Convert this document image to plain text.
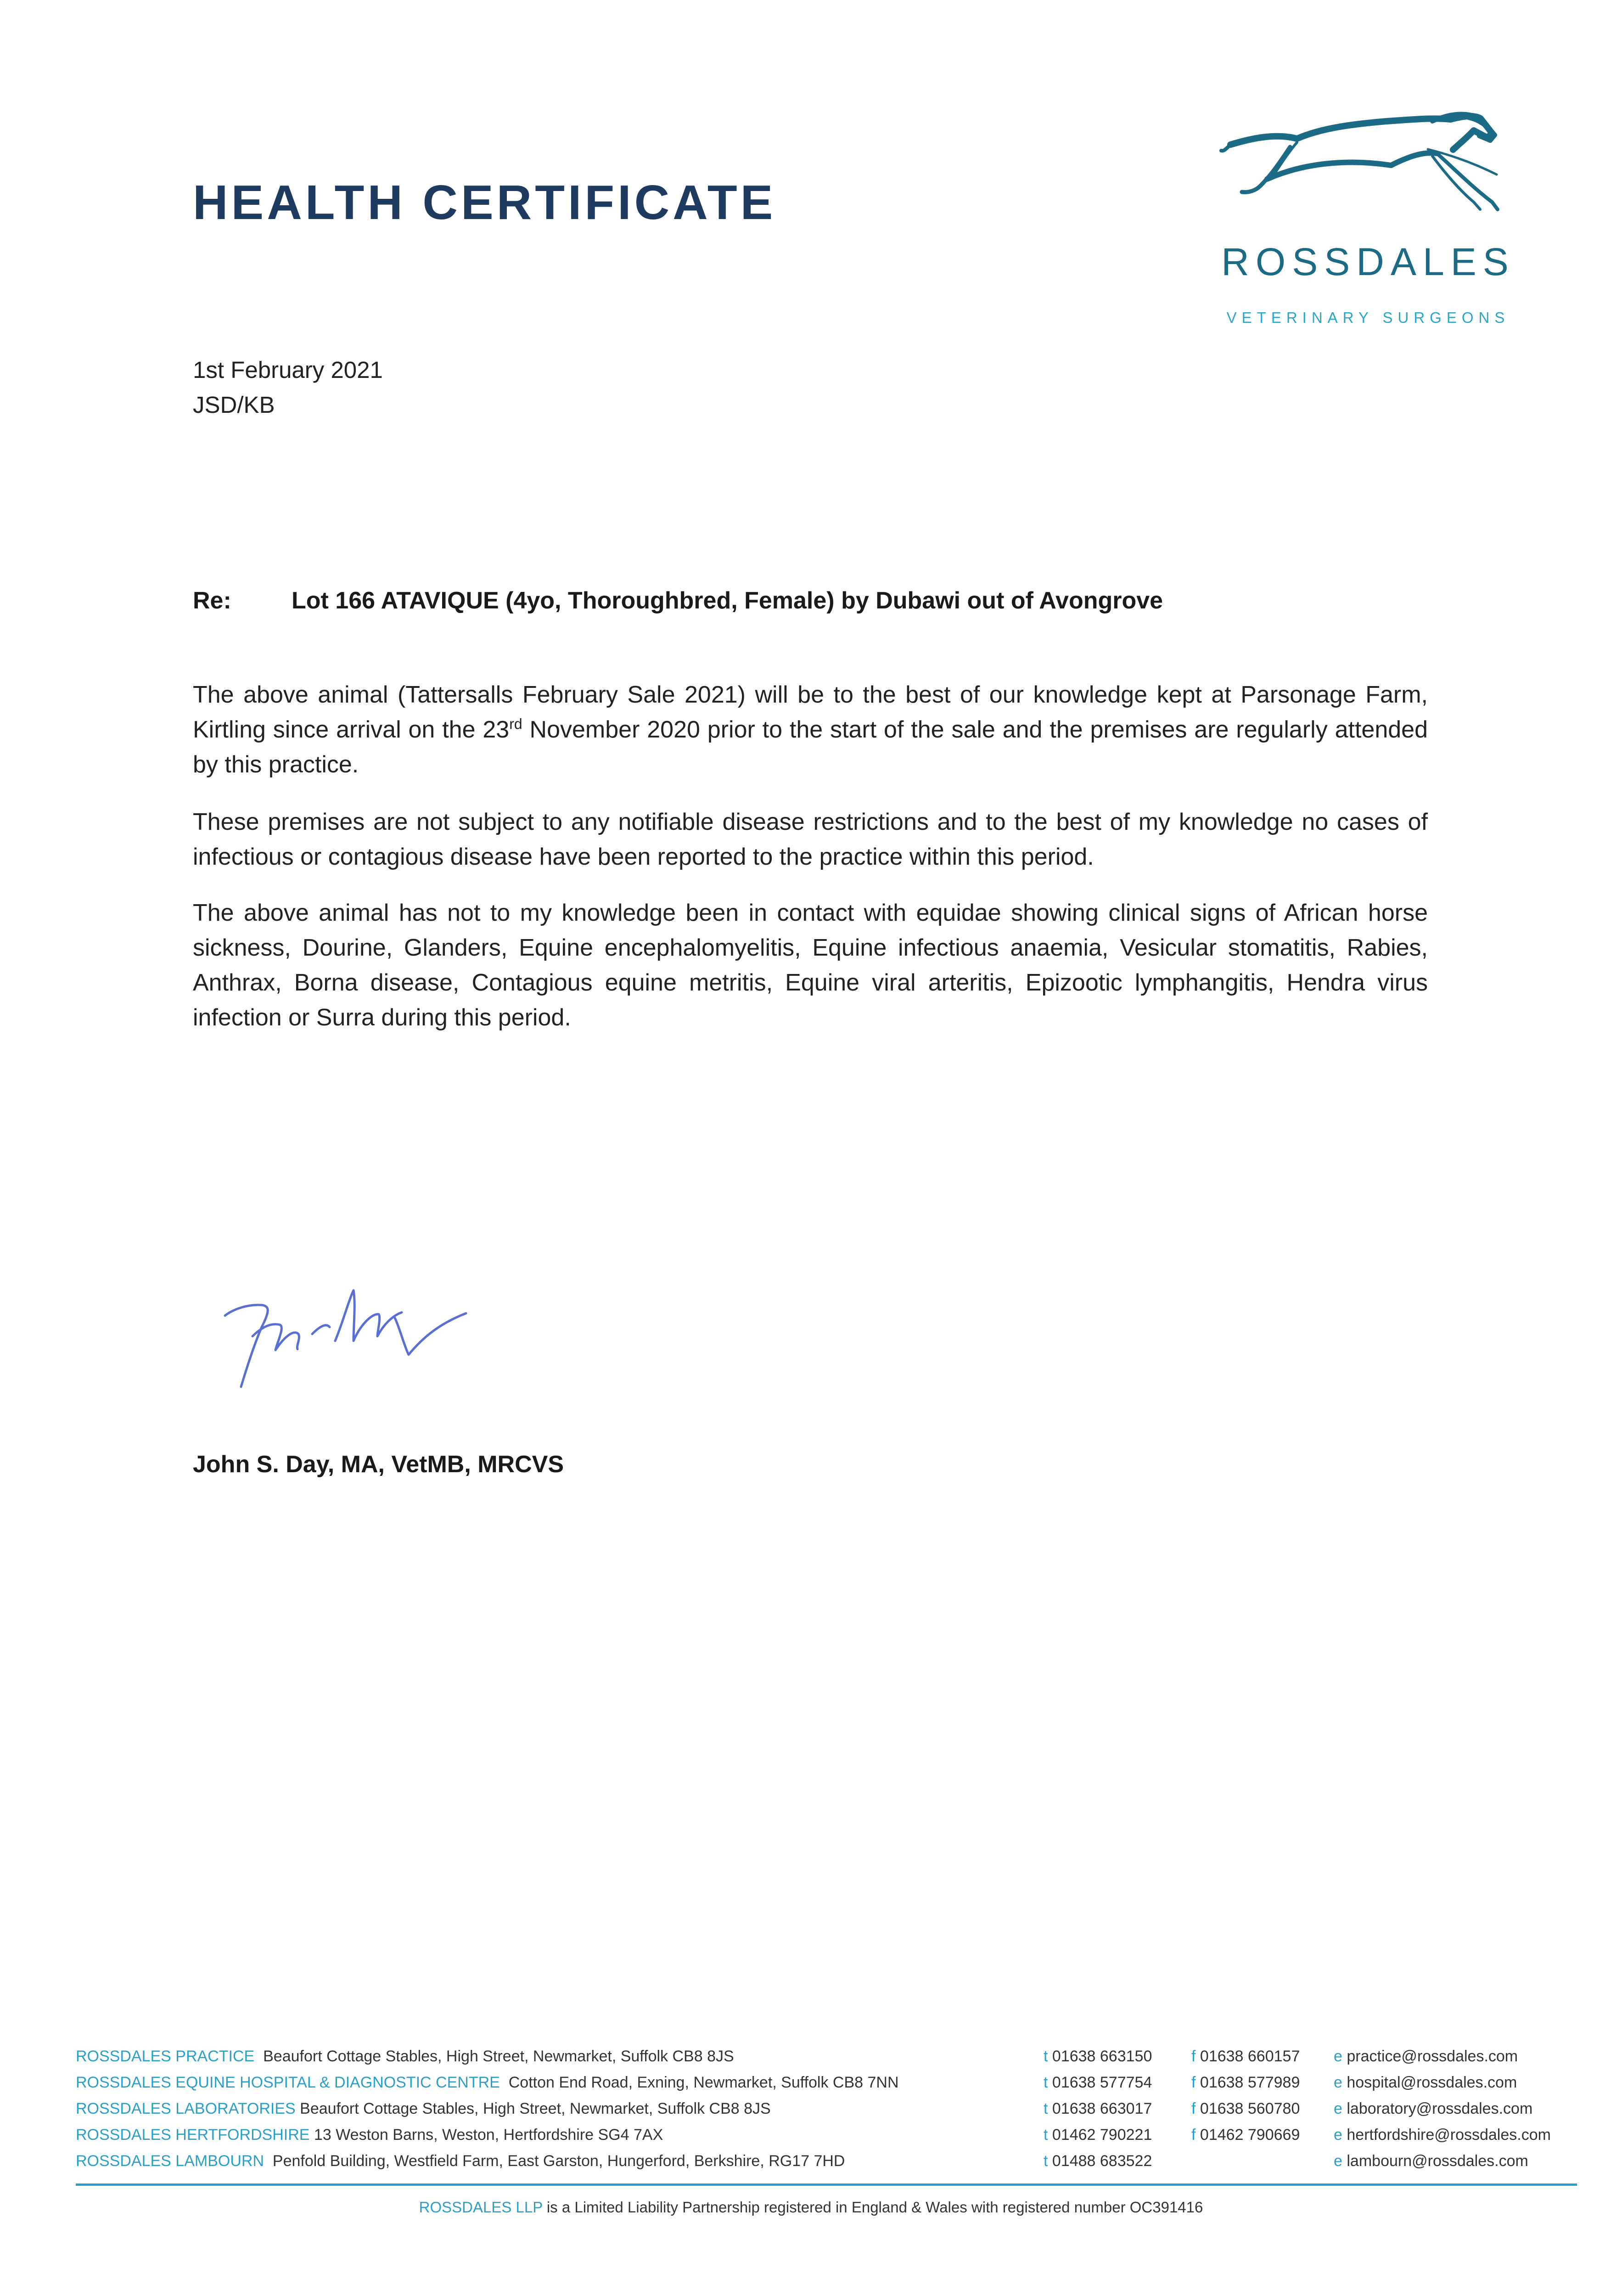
HEALTH CERTIFICATE
ROSSDALES
VETERINARY SURGEONS
1st February 2021
JSD/KB
Re:	Lot 166 ATAVIQUE (4yo, Thoroughbred, Female) by Dubawi out of Avongrove
The above animal (Tattersalls February Sale 2021) will be to the best of our knowledge kept at Parsonage Farm, Kirtling since arrival on the 23rd November 2020 prior to the start of the sale and the premises are regularly attended by this practice.
These premises are not subject to any notifiable disease restrictions and to the best of my knowledge no cases of infectious or contagious disease have been reported to the practice within this period.
The above animal has not to my knowledge been in contact with equidae showing clinical signs of African horse sickness, Dourine, Glanders, Equine encephalomyelitis, Equine infectious anaemia, Vesicular stomatitis, Rabies, Anthrax, Borna disease, Contagious equine metritis, Equine viral arteritis, Epizootic lymphangitis, Hendra virus infection or Surra during this period.
John S. Day, MA, VetMB, MRCVS
ROSSDALES PRACTICE Beaufort Cottage Stables, High Street, Newmarket, Suffolk CB8 8JS	t 01638 663150	f 01638 660157 e practice@rossdales.com
ROSSDALES EQUINE HOSPITAL & DIAGNOSTIC CENTRE Cotton End Road, Exning, Newmarket, Suffolk CB8 7NN	t 01638 577754	f 01638 577989 e hospital@rossdales.com
ROSSDALES LABORATORIES Beaufort Cottage Stables, High Street, Newmarket, Suffolk CB8 8JS	t 01638 663017	f 01638 560780 e laboratory@rossdales.com
ROSSDALES HERTFORDSHIRE 13 Weston Barns, Weston, Hertfordshire SG4 7AX	t 01462 790221	f 01462 790669 e hertfordshire@rossdales.com
ROSSDALES LAMBOURN Penfold Building, Westfield Farm, East Garston, Hungerford, Berkshire, RG17 7HD	t 01488 683522	e lambourn@rossdales.com
ROSSDALES LLP is a Limited Liability Partnership registered in England & Wales with registered number OC391416
